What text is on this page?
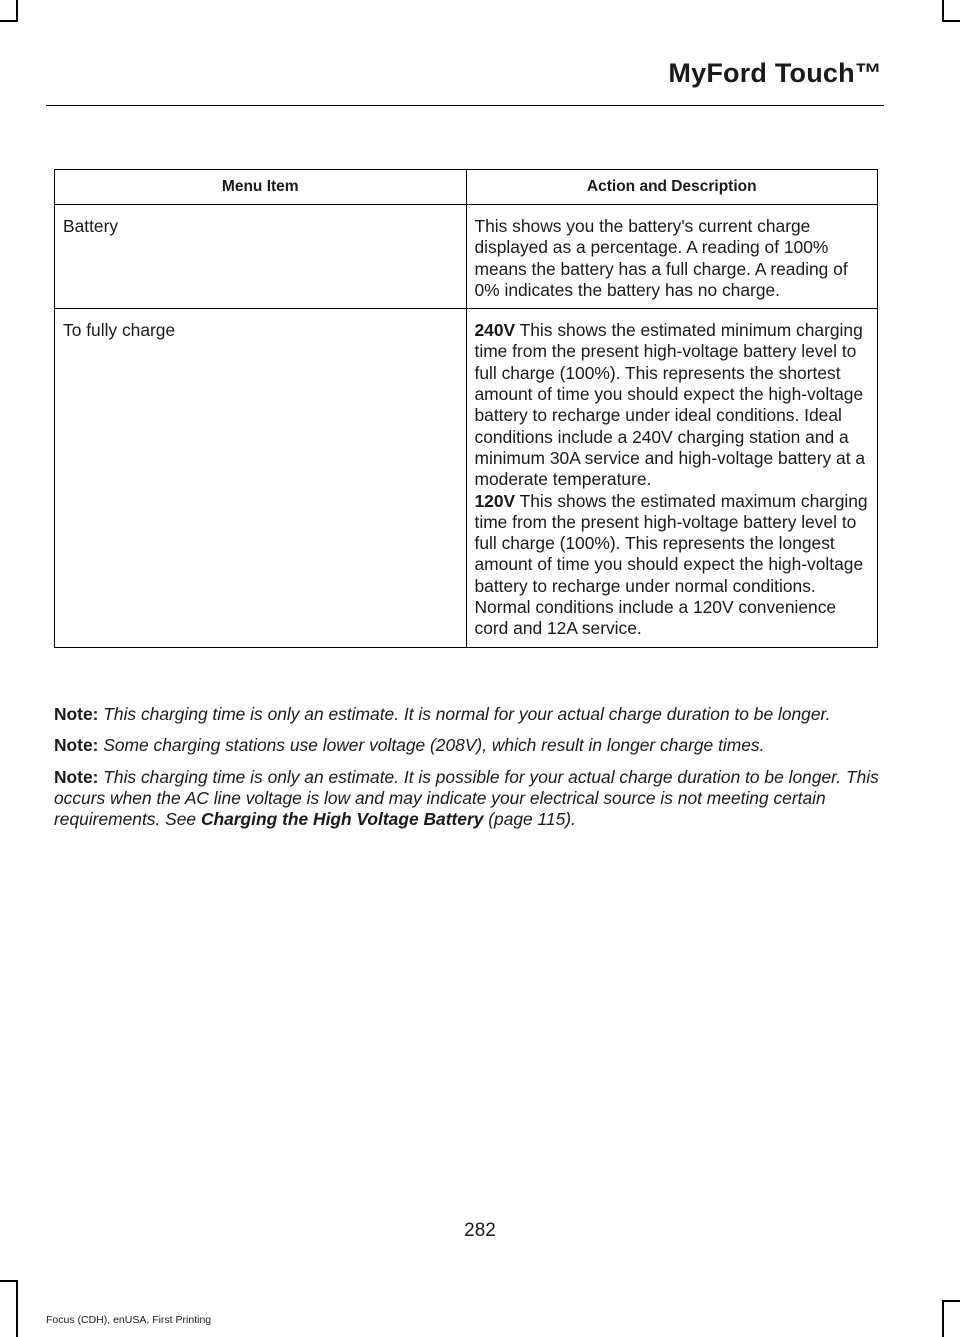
MyFord Touch™
Menu Item	Action and Description
Battery	This shows you the battery's current charge displayed as a percentage. A reading of 100% means the battery has a full charge. A reading of 0% indicates the battery has no charge.
To fully charge	240V This shows the estimated minimum charging time from the present high-voltage battery level to full charge (100%). This represents the shortest amount of time you should expect the high-voltage battery to recharge under ideal conditions. Ideal conditions include a 240V charging station and a minimum 30A service and high-voltage battery at a moderate temperature.
120V This shows the estimated maximum charging time from the present high-voltage battery level to full charge (100%). This represents the longest amount of time you should expect the high-voltage battery to recharge under normal conditions. Normal conditions include a 120V convenience cord and 12A service.

Note: This charging time is only an estimate. It is normal for your actual charge duration to be longer.

Note: Some charging stations use lower voltage (208V), which result in longer charge times.

Note: This charging time is only an estimate. It is possible for your actual charge duration to be longer. This occurs when the AC line voltage is low and may indicate your electrical source is not meeting certain requirements. See Charging the High Voltage Battery (page 115).

282
Focus (CDH), enUSA, First Printing
